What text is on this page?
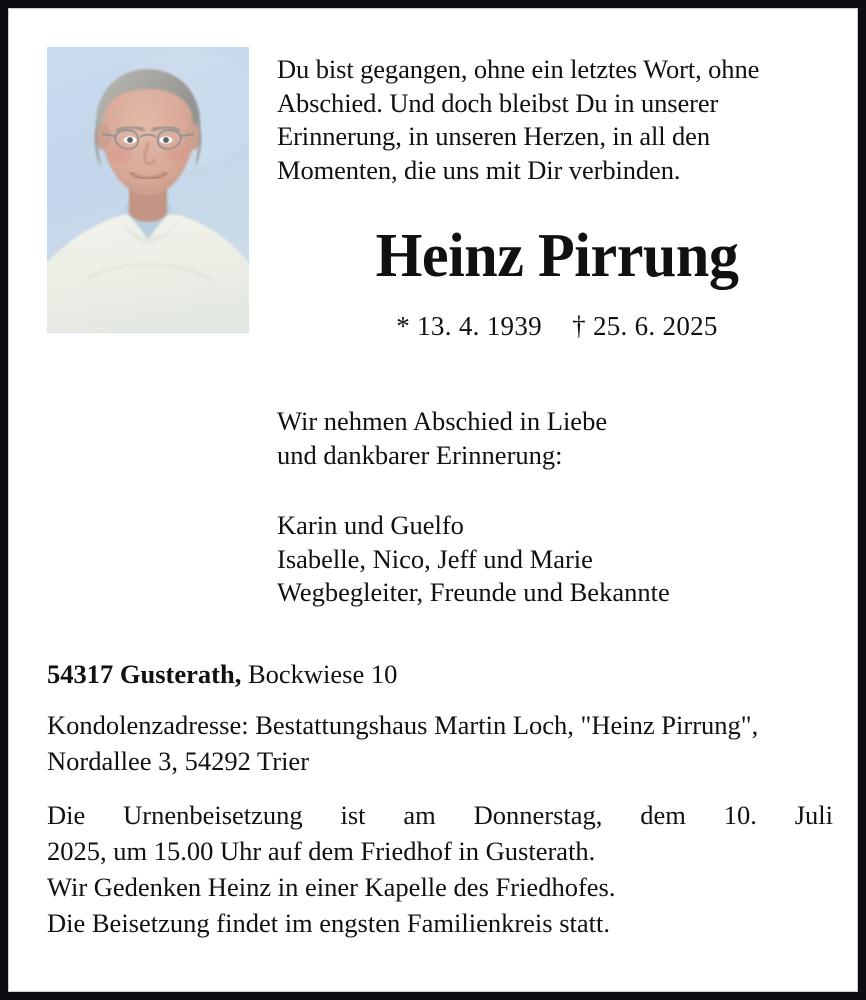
Du bist gegangen, ohne ein letztes Wort, ohne Abschied. Und doch bleibst Du in unserer Erinnerung, in unseren Herzen, in all den Momenten, die uns mit Dir verbinden.
Heinz Pirrung
* 13. 4. 1939 † 25. 6. 2025
Wir nehmen Abschied in Liebe
und dankbarer Erinnerung:
Karin und Guelfo
Isabelle, Nico, Jeff und Marie
Wegbegleiter, Freunde und Bekannte

54317 Gusterath, Bockwiese 10

Kondolenzadresse: Bestattungshaus Martin Loch, "Heinz Pirrung", Nordallee 3, 54292 Trier

Die Urnenbeisetzung ist am Donnerstag, dem 10. Juli
2025, um 15.00 Uhr auf dem Friedhof in Gusterath.
Wir Gedenken Heinz in einer Kapelle des Friedhofes.
Die Beisetzung findet im engsten Familienkreis statt.
